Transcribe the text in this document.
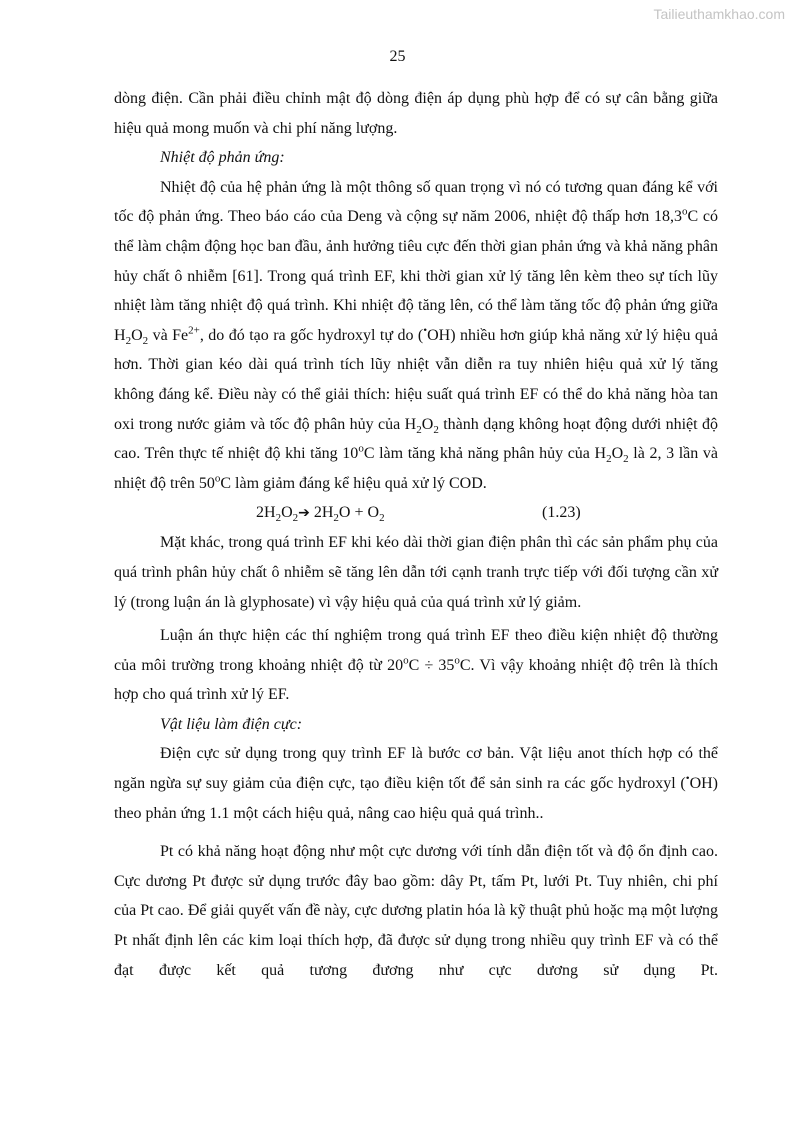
Tailieuthamkhao.com
25

dòng điện. Cần phải điều chỉnh mật độ dòng điện áp dụng phù hợp để có sự cân bằng giữa hiệu quả mong muốn và chi phí năng lượng.

Nhiệt độ phản ứng:

Nhiệt độ của hệ phản ứng là một thông số quan trọng vì nó có tương quan đáng kể với tốc độ phản ứng. Theo báo cáo của Deng và cộng sự năm 2006, nhiệt độ thấp hơn 18,3$^o$C có thể làm chậm động học ban đầu, ảnh hưởng tiêu cực đến thời gian phản ứng và khả năng phân hủy chất ô nhiễm [61]. Trong quá trình EF, khi thời gian xử lý tăng lên kèm theo sự tích lũy nhiệt làm tăng nhiệt độ quá trình. Khi nhiệt độ tăng lên, có thể làm tăng tốc độ phản ứng giữa $H_2O_2$ và $Fe^{2+}$, do đó tạo ra gốc hydroxyl tự do (•OH) nhiều hơn giúp khả năng xử lý hiệu quả hơn. Thời gian kéo dài quá trình tích lũy nhiệt vẫn diễn ra tuy nhiên hiệu quả xử lý tăng không đáng kể. Điều này có thể giải thích: hiệu suất quá trình EF có thể do khả năng hòa tan oxi trong nước giảm và tốc độ phân hủy của $H_2O_2$ thành dạng không hoạt động dưới nhiệt độ cao. Trên thực tế nhiệt độ khi tăng 10$^o$C làm tăng khả năng phân hủy của $H_2O_2$ là 2, 3 lần và nhiệt độ trên 50$^o$C làm giảm đáng kể hiệu quả xử lý COD.

$2H_2O_2➔$ $2H_2O + O_2$	(1.23)

Mặt khác, trong quá trình EF khi kéo dài thời gian điện phân thì các sản phẩm phụ của quá trình phân hủy chất ô nhiễm sẽ tăng lên dẫn tới cạnh tranh trực tiếp với đối tượng cần xử lý (trong luận án là glyphosate) vì vậy hiệu quả của quá trình xử lý giảm.

Luận án thực hiện các thí nghiệm trong quá trình EF theo điều kiện nhiệt độ thường của môi trường trong khoảng nhiệt độ từ $20^oC \div 35^oC$. Vì vậy khoảng nhiệt độ trên là thích hợp cho quá trình xử lý EF.

Vật liệu làm điện cực:

Điện cực sử dụng trong quy trình EF là bước cơ bản. Vật liệu anot thích hợp có thể ngăn ngừa sự suy giảm của điện cực, tạo điều kiện tốt để sản sinh ra các gốc hydroxyl (•OH) theo phản ứng 1.1 một cách hiệu quả, nâng cao hiệu quả quá trình..

Pt có khả năng hoạt động như một cực dương với tính dẫn điện tốt và độ ổn định cao. Cực dương Pt được sử dụng trước đây bao gồm: dây Pt, tấm Pt, lưới Pt. Tuy nhiên, chi phí của Pt cao. Để giải quyết vấn đề này, cực dương platin hóa là kỹ thuật phủ hoặc mạ một lượng Pt nhất định lên các kim loại thích hợp, đã được sử dụng trong nhiều quy trình EF và có thể đạt được kết quả tương đương như cực dương sử dụng Pt.
